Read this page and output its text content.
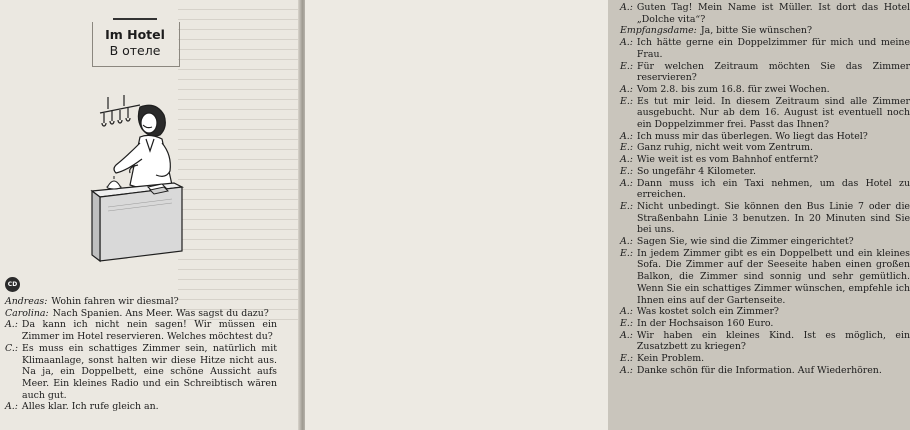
Im Hotel
В отеле
CD
Andreas: Wohin fahren wir diesmal?
Carolina: Nach Spanien. Ans Meer. Was sagst du dazu?
A.: Da kann ich nicht nein sagen! Wir müssen ein Zimmer im Hotel reservieren. Welches möchtest du?
C.: Es muss ein schattiges Zimmer sein, natürlich mit Klimaanlage, sonst halten wir diese Hitze nicht aus. Na ja, ein Doppelbett, eine schöne Aussicht aufs Meer. Ein kleines Radio und ein Schreibtisch wären auch gut.
A.: Alles klar. Ich rufe gleich an.
A.: Guten Tag! Mein Name ist Müller. Ist dort das Hotel „Dolche vita“?
Empfangsdame: Ja, bitte Sie wünschen?
A.: Ich hätte gerne ein Doppelzimmer für mich und meine Frau.
E.: Für welchen Zeitraum möchten Sie das Zimmer reservieren?
A.: Vom 2.8. bis zum 16.8. für zwei Wochen.
E.: Es tut mir leid. In diesem Zeitraum sind alle Zimmer ausgebucht. Nur ab dem 16. August ist eventuell noch ein Doppelzimmer frei. Passt das Ihnen?
A.: Ich muss mir das überlegen. Wo liegt das Hotel?
E.: Ganz ruhig, nicht weit vom Zentrum.
A.: Wie weit ist es vom Bahnhof entfernt?
E.: So ungefähr 4 Kilometer.
A.: Dann muss ich ein Taxi nehmen, um das Hotel zu erreichen.
E.: Nicht unbedingt. Sie können den Bus Linie 7 oder die Straßenbahn Linie 3 benutzen. In 20 Minuten sind Sie bei uns.
A.: Sagen Sie, wie sind die Zimmer eingerichtet?
E.: In jedem Zimmer gibt es ein Doppelbett und ein kleines Sofa. Die Zimmer auf der Seeseite haben einen großen Balkon, die Zimmer sind sonnig und sehr gemütlich. Wenn Sie ein schattiges Zimmer wünschen, empfehle ich Ihnen eins auf der Gartenseite.
A.: Was kostet solch ein Zimmer?
E.: In der Hochsaison 160 Euro.
A.: Wir haben ein kleines Kind. Ist es möglich, ein Zusatzbett zu kriegen?
E.: Kein Problem.
A.: Danke schön für die Information. Auf Wiederhören.
